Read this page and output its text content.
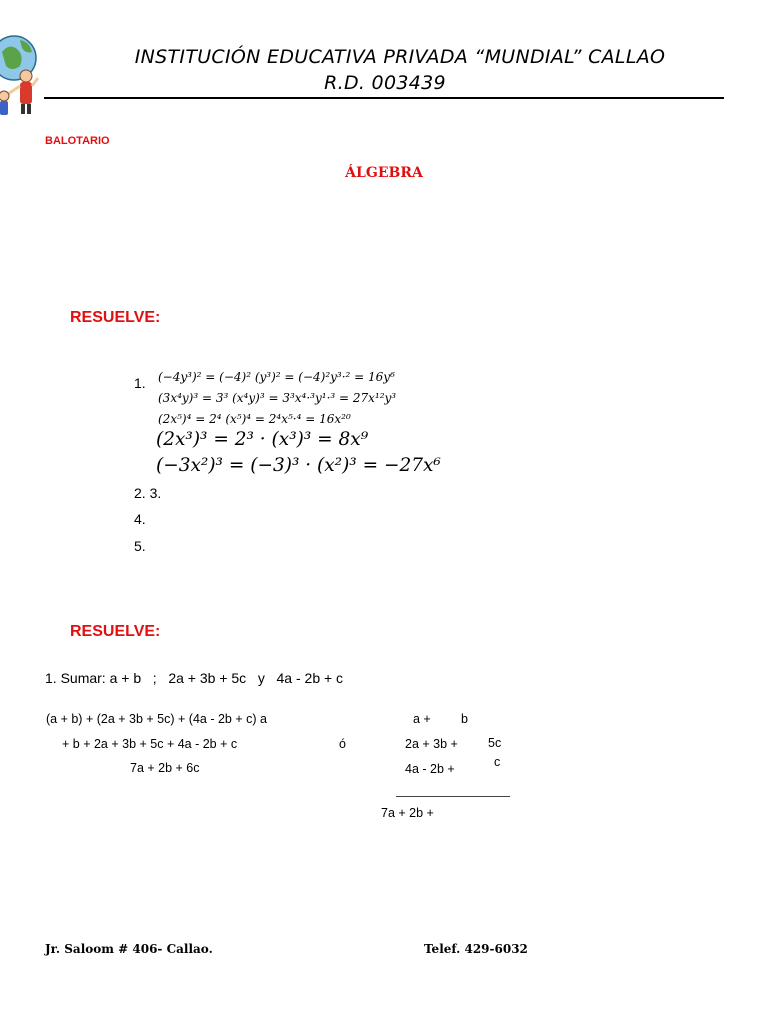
INSTITUCIÓN EDUCATIVA PRIVADA “MUNDIAL” CALLAO
R.D. 003439
BALOTARIO
ÁLGEBRA
RESUELVE:
1. (−4y³)² = (−4)² (y³)² = (−4)²y³·² = 16y⁶
(3x⁴y)³ = 3³ (x⁴y)³ = 3³x⁴·³y¹·³ = 27x¹²y³
(2x⁵)⁴ = 2⁴ (x⁵)⁴ = 2⁴x⁵·⁴ = 16x²⁰
(2x³)³ = 2³ · (x³)³ = 8x⁹
(−3x²)³ = (−3)³ · (x²)³ = −27x⁶
2. 3.
4.
5.
RESUELVE:
1. Sumar: a + b   ;   2a + 3b + 5c   y   4a - 2b + c
(a + b) + (2a + 3b + 5c) + (4a - 2b + c) a
+ b + 2a + 3b + 5c + 4a - 2b + c
7a + 2b + 6c
ó
a + b
2a + 3b + 5c
4a - 2b +	c
7a + 2b +
Jr. Saloom # 406- Callao.	Telef. 429-6032
